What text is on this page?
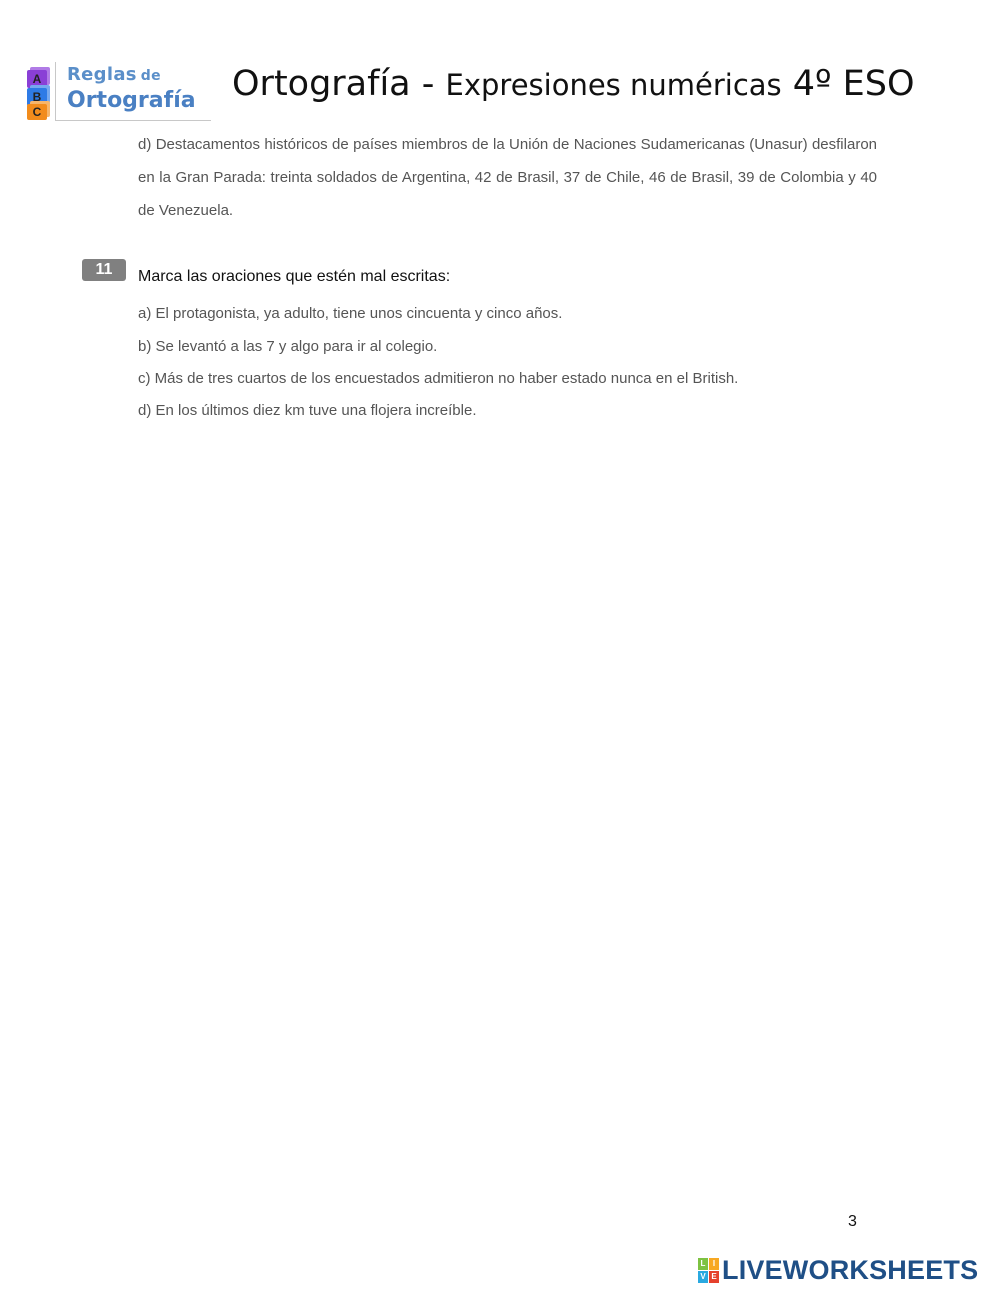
A
B
C
Reglas de
Ortografía Ortografía - Expresiones numéricas 4º ESO
d) Destacamentos históricos de países miembros de la Unión de Naciones Sudamericanas (Unasur) desfilaron en la Gran Parada: treinta soldados de Argentina, 42 de Brasil, 37 de Chile, 46 de Brasil, 39 de Colombia y 40 de Venezuela.
11	Marca las oraciones que estén mal escritas:
a) El protagonista, ya adulto, tiene unos cincuenta y cinco años.
b) Se levantó a las 7 y algo para ir al colegio.
c) Más de tres cuartos de los encuestados admitieron no haber estado nunca en el British.
d) En los últimos diez km tuve una flojera increíble.
3
L I
V E LIVEWORKSHEETS
